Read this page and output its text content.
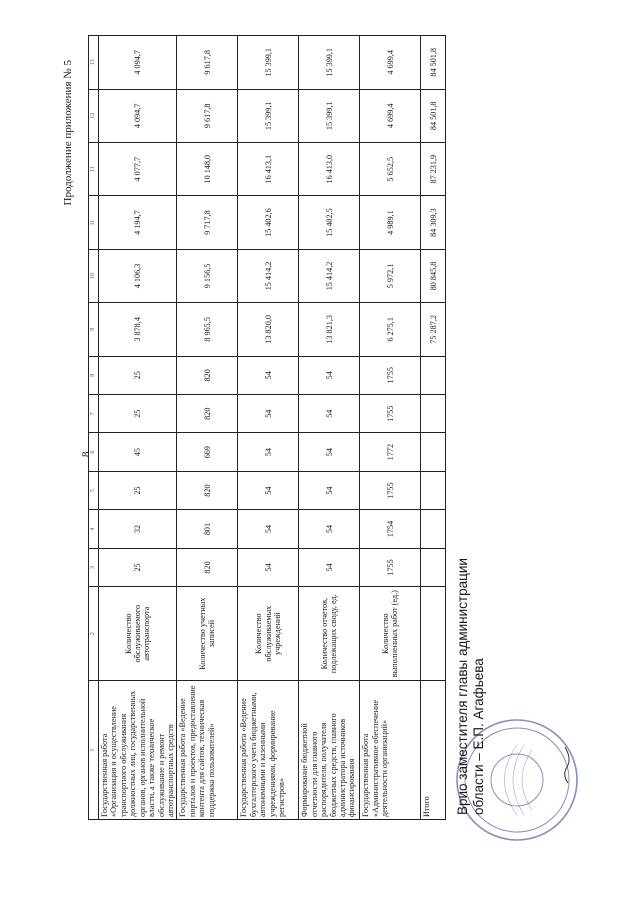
8
Продолжение приложения № 5
1	2	3	4	5	6	7	8	9	10	11	11	12	13
Государственная работа «Организация и осуществление транспортного обслуживания должностных лиц, государственных органов, органов исполнительной власти, а также техническое обслуживание и ремонт автотранспортных средств	Количество обслуживаемого автотранспорта	25	32	25	45	25	25	3 878,4	4 106,3	4 194,7	4 077,7	4 094,7	4 094,7
Государственная работа «Ведение порталов и проектов, предоставление контента для сайтов, техническая поддержка пользователей»	Количество учетных записей	820	801	820	669	820	820	8 965,5	9 156,5	9 717,8	10 148,0	9 617,8	9 617,8
Государственная работа «Ведение бухгалтерского учета бюджетными, автономными и казенными учреждениями, формирование регистров»	Количество обслуживаемых учреждений	54	54	54	54	54	54	13 820,0	15 414,2	15 402,6	16 413,1	15 399,1	15 399,1
Формирование бюджетной отчетности для главного распорядителя, получателя бюджетных средств, главного администратора источников финансирования	Количество отчетов, подлежащих своду, ед.	54	54	54	54	54	54	13 821,3	15 414,2	15 402,5	16 413,0	15 399,1	15 399,1
Государственная работа «Административное обеспечение деятельности организаций»	Количество выполненных работ (ед.)	1755	1754	1755	1772	1755	1755	6 275,1	5 972,1	4 989,1	5 652,5	4 699,4	4 699,4
Итого								75 287,2	80 845,8	84 309,3	87 231,9	84 501,8	84 501,8
Врио заместителя главы администрации области – Е.П. Агафьева
